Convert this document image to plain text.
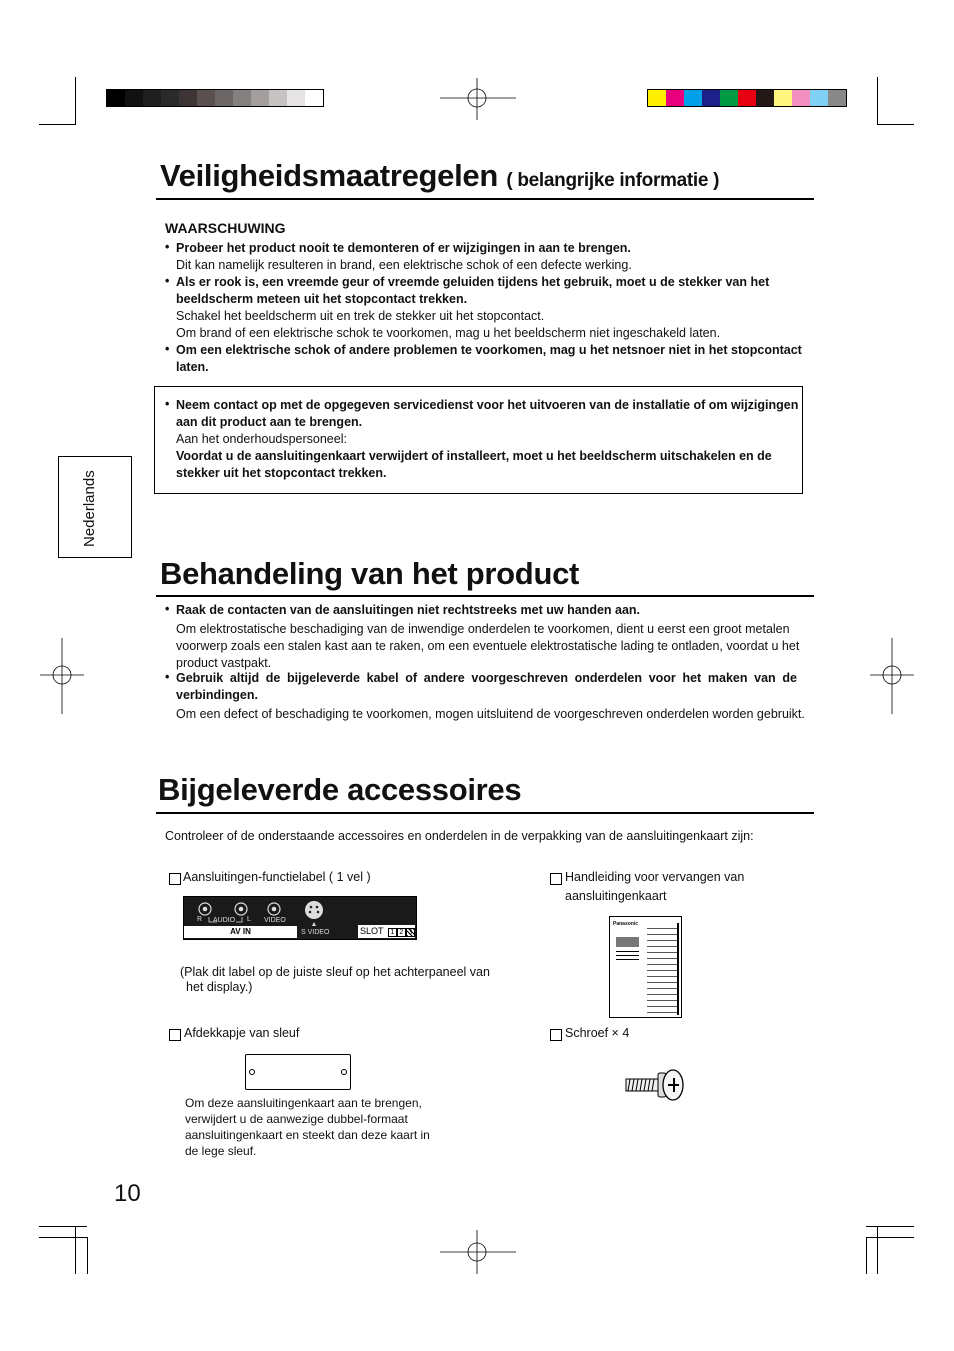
Nederlands
Veiligheidsmaatregelen ( belangrijke informatie )
WAARSCHUWING
• Probeer het product nooit te demonteren of er wijzigingen in aan te brengen.
Dit kan namelijk resulteren in brand, een elektrische schok of een defecte werking.
• Als er rook is, een vreemde geur of vreemde geluiden tijdens het gebruik, moet u de stekker van het
beeldscherm meteen uit het stopcontact trekken.
Schakel het beeldscherm uit en trek de stekker uit het stopcontact.
Om brand of een elektrische schok te voorkomen, mag u het beeldscherm niet ingeschakeld laten.
• Om een elektrische schok of andere problemen te voorkomen, mag u het netsnoer niet in het stopcontact
laten.
• Neem contact op met de opgegeven servicedienst voor het uitvoeren van de installatie of om wijzigingen
aan dit product aan te brengen.
Aan het onderhoudspersoneel:
Voordat u de aansluitingenkaart verwijdert of installeert, moet u het beeldscherm uitschakelen en de
stekker uit het stopcontact trekken.
Behandeling van het product
• Raak de contacten van de aansluitingen niet rechtstreeks met uw handen aan.
Om elektrostatische beschadiging van de inwendige onderdelen te voorkomen, dient u eerst een groot metalen
voorwerp zoals een stalen kast aan te raken, om een eventuele elektrostatische lading te ontladen, voordat u het
product vastpakt.
• Gebruik altijd de bijgeleverde kabel of andere voorgeschreven onderdelen voor het maken van de
verbindingen.
Om een defect of beschadiging te voorkomen, mogen uitsluitend de voorgeschreven onderdelen worden gebruikt.
Bijgeleverde accessoires
Controleer of de onderstaande accessoires en onderdelen in de verpakking van de aansluitingenkaart zijn:
Aansluitingen-functielabel ( 1 vel )
R AUDIO L VIDEO
AV IN	S VIDEO	SLOT 1 2 3
(Plak dit label op de juiste sleuf op het achterpaneel van
het display.)
Handleiding voor vervangen van
aansluitingenkaart
Panasonic
Afdekkapje van sleuf
Om deze aansluitingenkaart aan te brengen,
verwijdert u de aanwezige dubbel-formaat
aansluitingenkaart en steekt dan deze kaart in
de lege sleuf.
Schroef × 4
10
